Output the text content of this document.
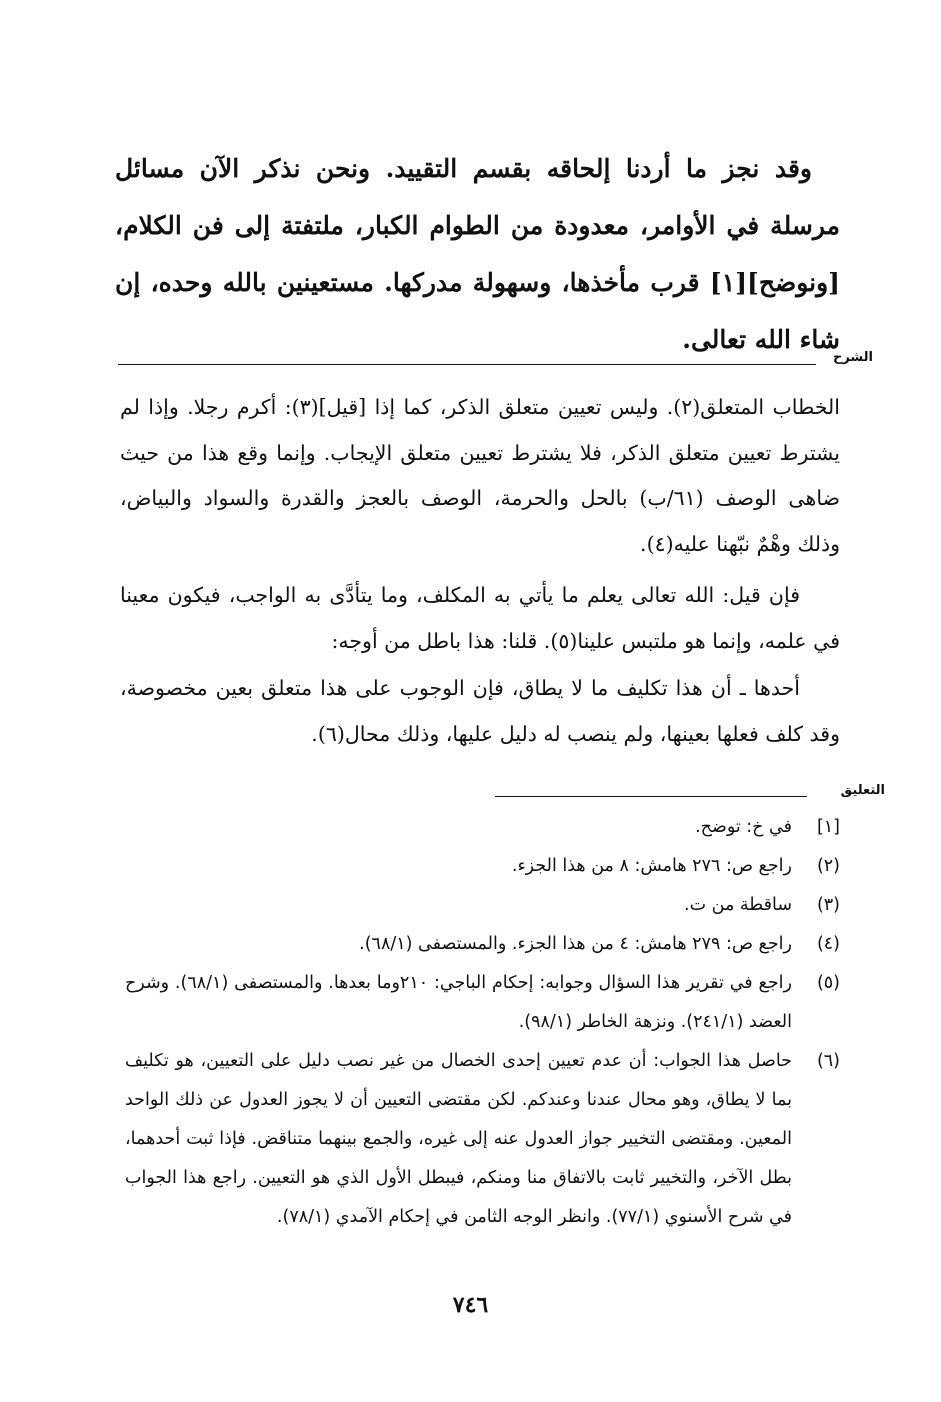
وقد نجز ما أردنا إلحاقه بقسم التقييد. ونحن نذكر الآن مسائل مرسلة في الأوامر، معدودة من الطوام الكبار، ملتفتة إلى فن الكلام، [ونوضح][١] قرب مأخذها، وسهولة مدركها. مستعينين بالله وحده، إن شاء الله تعالى.

الشرح

الخطاب المتعلق(٢). وليس تعيين متعلق الذكر، كما إذا [قيل](٣): أكرم رجلا. وإذا لم يشترط تعيين متعلق الذكر، فلا يشترط تعيين متعلق الإيجاب. وإنما وقع هذا من حيث ضاهى الوصف (٦١/ب) بالحل والحرمة، الوصف بالعجز والقدرة والسواد والبياض، وذلك وهْمٌ نبّهنا عليه(٤).

فإن قيل: الله تعالى يعلم ما يأتي به المكلف، وما يتأدَّى به الواجب، فيكون معينا في علمه، وإنما هو ملتبس علينا(٥). قلنا: هذا باطل من أوجه:

أحدها ـ أن هذا تكليف ما لا يطاق، فإن الوجوب على هذا متعلق بعين مخصوصة، وقد كلف فعلها بعينها، ولم ينصب له دليل عليها، وذلك محال(٦).

التعليق
[١]
في خ: توضح.
(٢)
راجع ص: ٢٧٦ هامش: ٨ من هذا الجزء.
(٣)
ساقطة من ت.
(٤)
راجع ص: ٢٧٩ هامش: ٤ من هذا الجزء. والمستصفى (٦٨/١).
(٥)
راجع في تقرير هذا السؤال وجوابه: إحكام الباجي: ٢١٠وما بعدها. والمستصفى (٦٨/١). وشرح العضد (٢٤١/١). ونزهة الخاطر (٩٨/١).
(٦)
حاصل هذا الجواب: أن عدم تعيين إحدى الخصال من غير نصب دليل على التعيين، هو تكليف بما لا يطاق، وهو محال عندنا وعندكم. لكن مقتضى التعيين أن لا يجوز العدول عن ذلك الواحد المعين. ومقتضى التخيير جواز العدول عنه إلى غيره، والجمع بينهما متناقض. فإذا ثبت أحدهما، بطل الآخر، والتخيير ثابت بالاتفاق منا ومنكم، فيبطل الأول الذي هو التعيين. راجع هذا الجواب في شرح الأسنوي (٧٧/١). وانظر الوجه الثامن في إحكام الآمدي (٧٨/١).
٧٤٦
